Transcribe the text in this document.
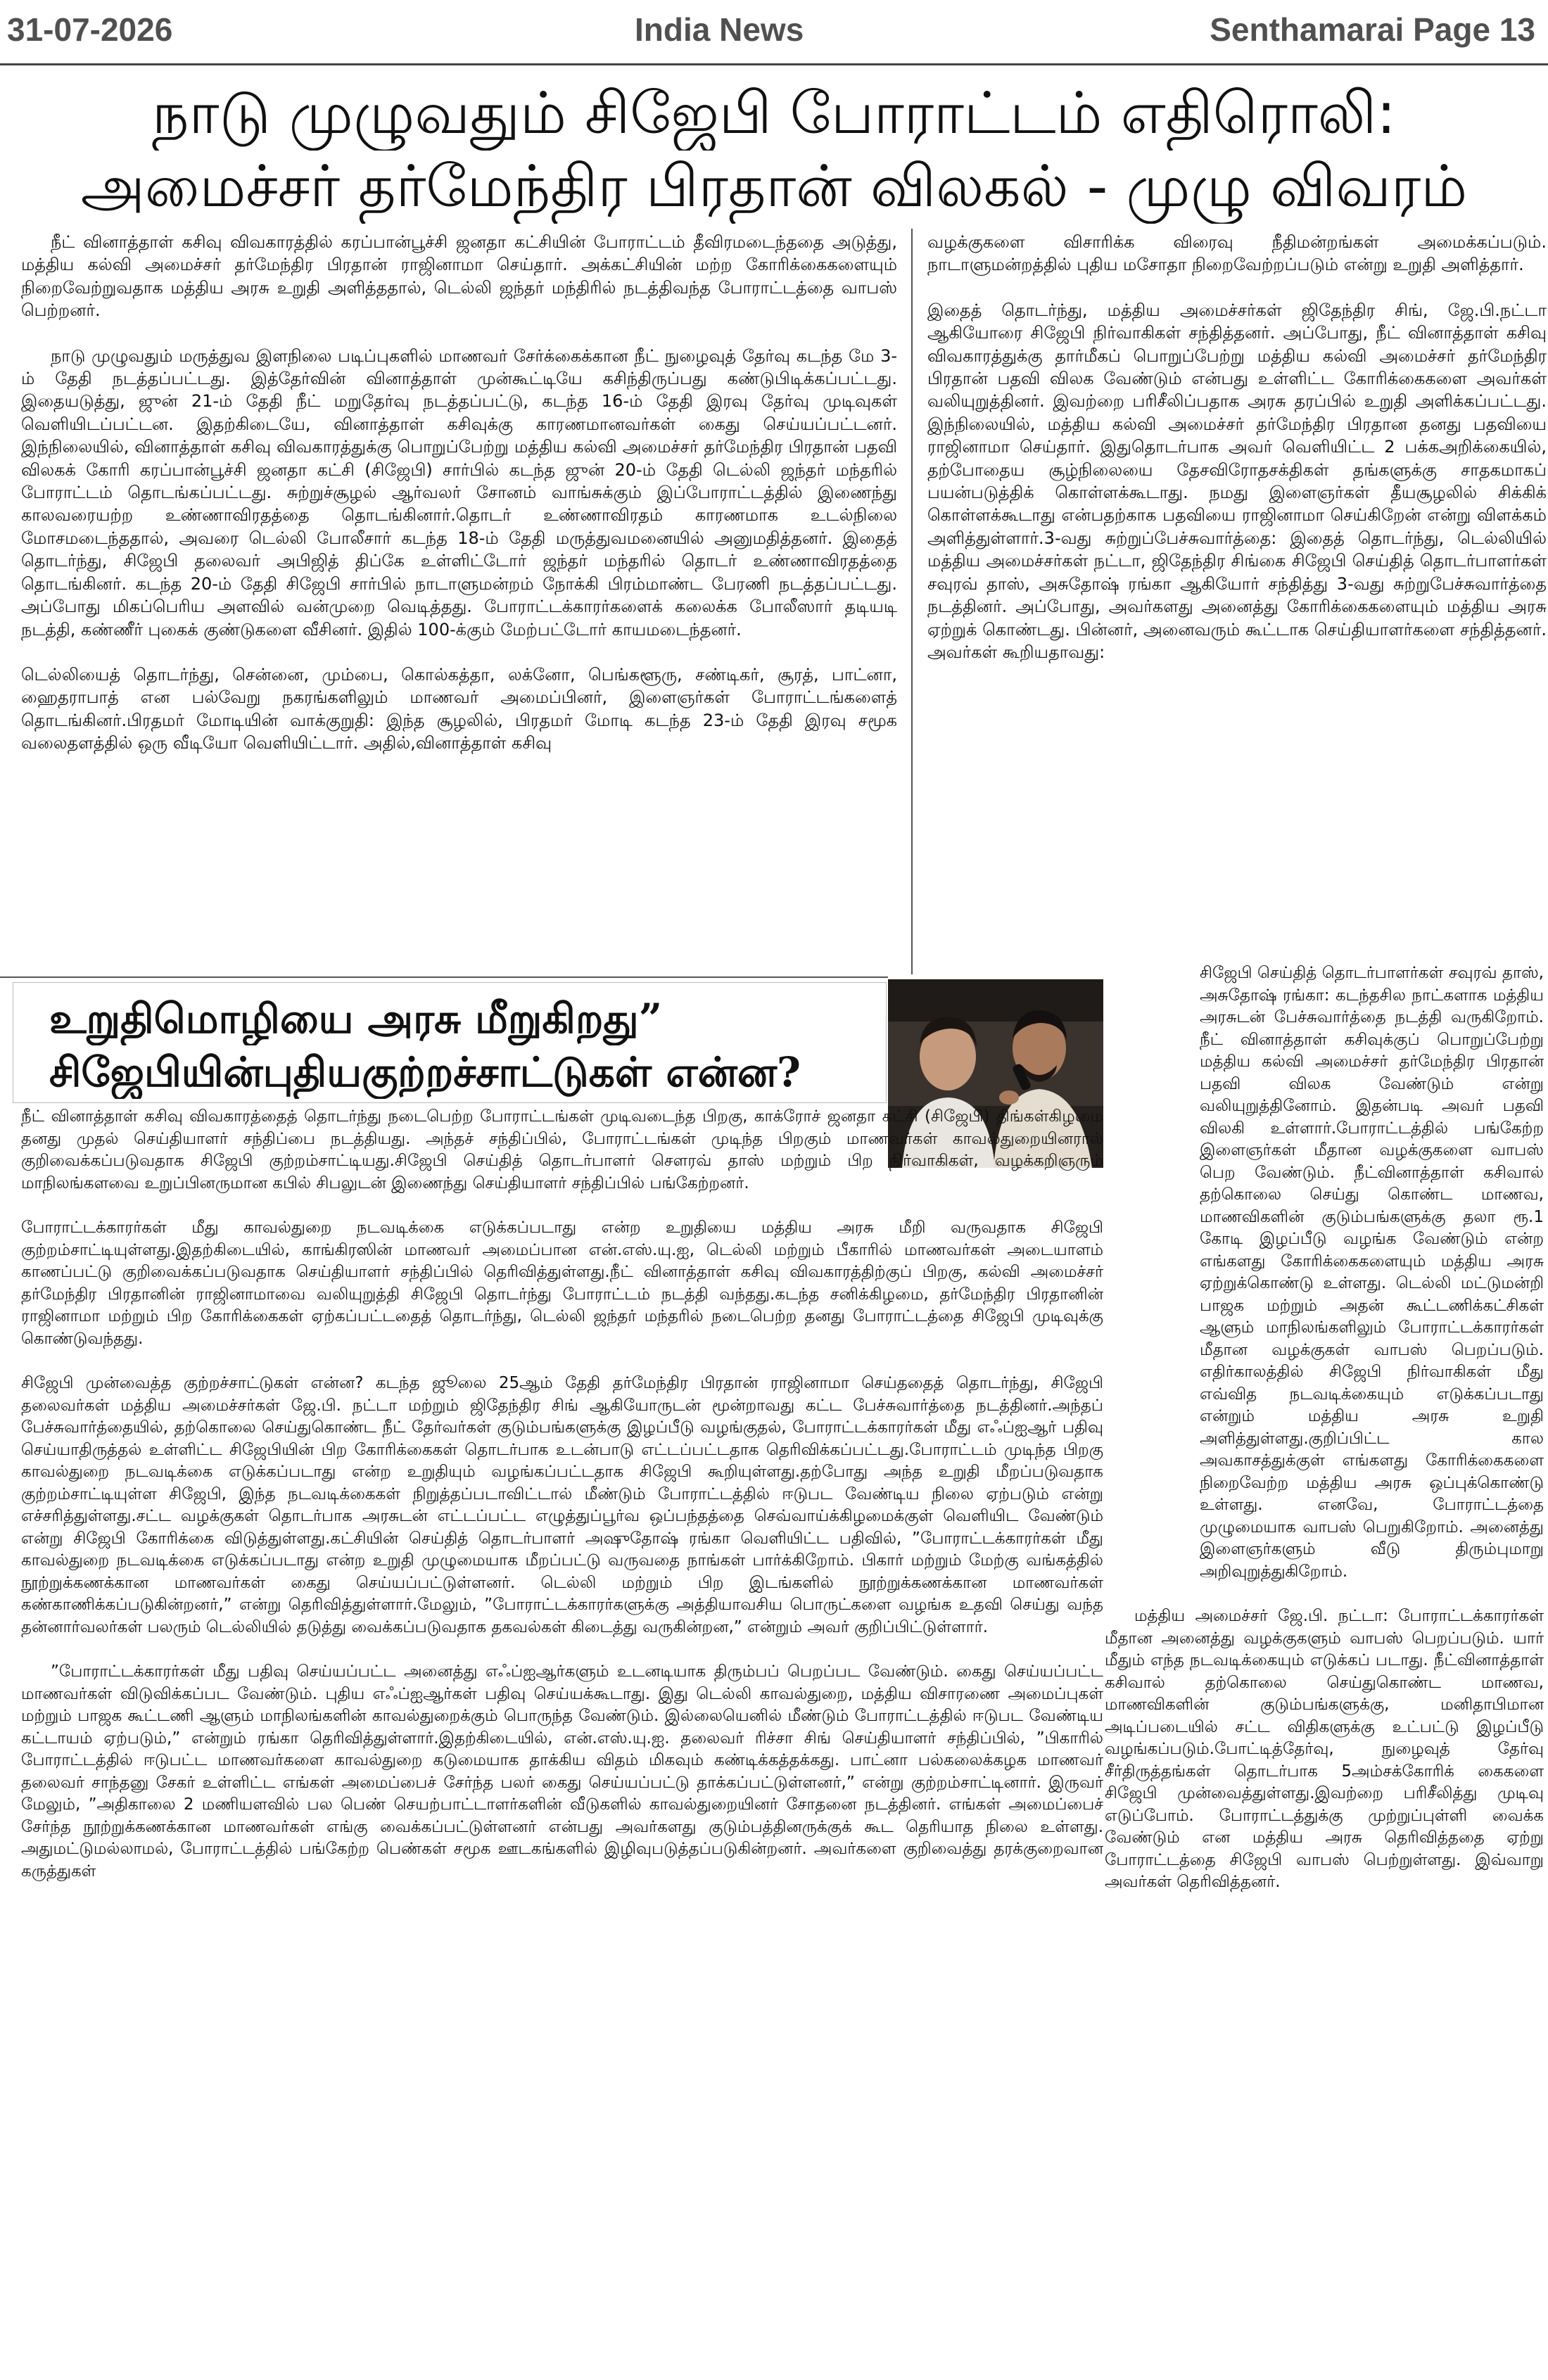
31-07-2026	India News	Senthamarai Page 13
நாடு முழுவதும் சிஜேபி போராட்டம் எதிரொலி:
அமைச்சர் தர்மேந்திர பிரதான் விலகல் - முழு விவரம்

நீட் வினாத்தாள் கசிவு விவகாரத்தில் கரப்பான்பூச்சி ஜனதா கட்சியின் போராட்டம் தீவிரமடைந்ததை அடுத்து, மத்திய கல்வி அமைச்சர் தர்மேந்திர பிரதான் ராஜினாமா செய்தார். அக்கட்சியின் மற்ற கோரிக்கைகளையும் நிறைவேற்றுவதாக மத்திய அரசு உறுதி அளித்ததால், டெல்லி ஜந்தர் மந்திரில் நடத்திவந்த போராட்டத்தை வாபஸ் பெற்றனர்.

நாடு முழுவதும் மருத்துவ இளநிலை படிப்புகளில் மாணவர் சேர்க்கைக்கான நீட் நுழைவுத் தேர்வு கடந்த மே 3-ம் தேதி நடத்தப்பட்டது. இத்தேர்வின் வினாத்தாள் முன்கூட்டியே கசிந்திருப்பது கண்டுபிடிக்கப்பட்டது. இதையடுத்து, ஜுன் 21-ம் தேதி நீட் மறுதேர்வு நடத்தப்பட்டு, கடந்த 16-ம் தேதி இரவு தேர்வு முடிவுகள் வெளியிடப்பட்டன. இதற்கிடையே, வினாத்தாள் கசிவுக்கு காரணமானவர்கள் கைது செய்யப்பட்டனர். இந்நிலையில், வினாத்தாள் கசிவு விவகாரத்துக்கு பொறுப்பேற்று மத்திய கல்வி அமைச்சர் தர்மேந்திர பிரதான் பதவி விலகக் கோரி கரப்பான்பூச்சி ஜனதா கட்சி (சிஜேபி) சார்பில் கடந்த ஜுன் 20-ம் தேதி டெல்லி ஜந்தர் மந்தரில் போராட்டம் தொடங்கப்பட்டது. சுற்றுச்சூழல் ஆர்வலர் சோனம் வாங்சுக்கும் இப்போராட்டத்தில் இணைந்து காலவரையற்ற உண்ணாவிரதத்தை தொடங்கினார்.தொடர் உண்ணாவிரதம் காரணமாக உடல்நிலை மோசமடைந்ததால், அவரை டெல்லி போலீசார் கடந்த 18-ம் தேதி மருத்துவமனையில் அனுமதித்தனர். இதைத் தொடர்ந்து, சிஜேபி தலைவர் அபிஜித் திப்கே உள்ளிட்டோர் ஜந்தர் மந்தரில் தொடர் உண்ணாவிரதத்தை தொடங்கினர். கடந்த 20-ம் தேதி சிஜேபி சார்பில் நாடாளுமன்றம் நோக்கி பிரம்மாண்ட பேரணி நடத்தப்பட்டது. அப்போது மிகப்பெரிய அளவில் வன்முறை வெடித்தது. போராட்டக்காரர்களைக் கலைக்க போலீஸார் தடியடி நடத்தி, கண்ணீர் புகைக் குண்டுகளை வீசினர். இதில் 100-க்கும் மேற்பட்டோர் காயமடைந்தனர்.

டெல்லியைத் தொடர்ந்து, சென்னை, மும்பை, கொல்கத்தா, லக்னோ, பெங்களூரு, சண்டிகர், சூரத், பாட்னா, ஹைதராபாத் என பல்வேறு நகரங்களிலும் மாணவர் அமைப்பினர், இளைஞர்கள் போராட்டங்களைத் தொடங்கினர்.பிரதமர் மோடியின் வாக்குறுதி: இந்த சூழலில், பிரதமர் மோடி கடந்த 23-ம் தேதி இரவு சமூக வலைதளத்தில் ஒரு வீடியோ வெளியிட்டார். அதில்,வினாத்தாள் கசிவு

வழக்குகளை விசாரிக்க விரைவு நீதிமன்றங்கள் அமைக்கப்படும். நாடாளுமன்றத்தில் புதிய மசோதா நிறைவேற்றப்படும் என்று உறுதி அளித்தார்.

இதைத் தொடர்ந்து, மத்திய அமைச்சர்கள் ஜிதேந்திர சிங், ஜே.பி.நட்டா ஆகியோரை சிஜேபி நிர்வாகிகள் சந்தித்தனர். அப்போது, நீட் வினாத்தாள் கசிவு விவகாரத்துக்கு தார்மீகப் பொறுப்பேற்று மத்திய கல்வி அமைச்சர் தர்மேந்திர பிரதான் பதவி விலக வேண்டும் என்பது உள்ளிட்ட கோரிக்கைகளை அவர்கள் வலியுறுத்தினர். இவற்றை பரிசீலிப்பதாக அரசு தரப்பில் உறுதி அளிக்கப்பட்டது. இந்நிலையில், மத்திய கல்வி அமைச்சர் தர்மேந்திர பிரதான தனது பதவியை ராஜினாமா செய்தார். இதுதொடர்பாக அவர் வெளியிட்ட 2 பக்கஅறிக்கையில், தற்போதைய சூழ்நிலையை தேசவிரோதசக்திகள் தங்களுக்கு சாதகமாகப் பயன்படுத்திக் கொள்ளக்கூடாது. நமது இளைஞர்கள் தீயசூழலில் சிக்கிக் கொள்ளக்கூடாது என்பதற்காக பதவியை ராஜினாமா செய்கிறேன் என்று விளக்கம் அளித்துள்ளார்.3-வது சுற்றுப்பேச்சுவார்த்தை: இதைத் தொடர்ந்து, டெல்லியில் மத்திய அமைச்சர்கள் நட்டா, ஜிதேந்திர சிங்கை சிஜேபி செய்தித் தொடர்பாளர்கள் சவுரவ் தாஸ், அசுதோஷ் ரங்கா ஆகியோர் சந்தித்து 3-வது சுற்றுபேச்சுவார்த்தை நடத்தினர். அப்போது, அவர்களது அனைத்து கோரிக்கைகளையும் மத்திய அரசு ஏற்றுக் கொண்டது. பின்னர், அனைவரும் கூட்டாக செய்தியாளர்களை சந்தித்தனர். அவர்கள் கூறியதாவது:

உறுதிமொழியை அரசு மீறுகிறது”
சிஜேபியின்புதியகுற்றச்சாட்டுகள் என்ன?

சிஜேபி செய்தித் தொடர்பாளர்கள் சவுரவ் தாஸ், அசுதோஷ் ரங்கா: கடந்தசில நாட்களாக மத்திய அரசுடன் பேச்சுவார்த்தை நடத்தி வருகிறோம். நீட் வினாத்தாள் கசிவுக்குப் பொறுப்பேற்று மத்திய கல்வி அமைச்சர் தர்மேந்திர பிரதான் பதவி விலக வேண்டும் என்று வலியுறுத்தினோம். இதன்படி அவர் பதவி விலகி உள்ளார்.போராட்டத்தில் பங்கேற்ற இளைஞர்கள் மீதான வழக்குகளை வாபஸ் பெற வேண்டும். நீட்வினாத்தாள் கசிவால் தற்கொலை செய்து கொண்ட மாணவ, மாணவிகளின் குடும்பங்களுக்கு தலா ரூ.1 கோடி இழப்பீடு வழங்க வேண்டும் என்ற எங்களது கோரிக்கைகளையும் மத்திய அரசு ஏற்றுக்கொண்டு உள்ளது. டெல்லி மட்டுமன்றி பாஜக மற்றும் அதன் கூட்டணிக்கட்சிகள் ஆளும் மாநிலங்களிலும் போராட்டக்காரர்கள் மீதான வழக்குகள் வாபஸ் பெறப்படும். எதிர்காலத்தில் சிஜேபி நிர்வாகிகள் மீது எவ்வித நடவடிக்கையும் எடுக்கப்படாது என்றும் மத்திய அரசு உறுதி அளித்துள்ளது.குறிப்பிட்ட கால அவகாசத்துக்குள் எங்களது கோரிக்கைகளை நிறைவேற்ற மத்திய அரசு ஒப்புக்கொண்டு உள்ளது. எனவே, போராட்டத்தை முழுமையாக வாபஸ் பெறுகிறோம். அனைத்து இளைஞர்களும் வீடு திரும்புமாறு அறிவுறுத்துகிறோம்.

மத்திய அமைச்சர் ஜே.பி. நட்டா: போராட்டக்காரர்கள் மீதான அனைத்து வழக்குகளும் வாபஸ் பெறப்படும். யார் மீதும் எந்த நடவடிக்கையும் எடுக்கப் படாது. நீட்வினாத்தாள் கசிவால் தற்கொலை செய்துகொண்ட மாணவ, மாணவிகளின் குடும்பங்களுக்கு, மனிதாபிமான அடிப்படையில் சட்ட விதிகளுக்கு உட்பட்டு இழப்பீடு வழங்கப்படும்.போட்டித்தேர்வு, நுழைவுத் தேர்வு சீர்திருத்தங்கள் தொடர்பாக 5அம்சக்கோரிக் கைகளை சிஜேபி முன்வைத்துள்ளது.இவற்றை பரிசீலித்து முடிவு எடுப்போம். போராட்டத்துக்கு முற்றுப்புள்ளி வைக்க வேண்டும் என மத்திய அரசு தெரிவித்ததை ஏற்று போராட்டத்தை சிஜேபி வாபஸ் பெற்றுள்ளது. இவ்வாறு அவர்கள் தெரிவித்தனர்.

நீட் வினாத்தாள் கசிவு விவகாரத்தைத் தொடர்ந்து நடைபெற்ற போராட்டங்கள் முடிவடைந்த பிறகு, காக்ரோச் ஜனதா கட்சி (சிஜேபி) திங்கள்கிழமை தனது முதல் செய்தியாளர் சந்திப்பை நடத்தியது. அந்தச் சந்திப்பில், போராட்டங்கள் முடிந்த பிறகும் மாணவர்கள் காவல்துறையினரால் குறிவைக்கப்படுவதாக சிஜேபி குற்றம்சாட்டியது.சிஜேபி செய்தித் தொடர்பாளர் சௌரவ் தாஸ் மற்றும் பிற நிர்வாகிகள், வழக்கறிஞரும் மாநிலங்களவை உறுப்பினருமான கபில் சிபலுடன் இணைந்து செய்தியாளர் சந்திப்பில் பங்கேற்றனர்.

போராட்டக்காரர்கள் மீது காவல்துறை நடவடிக்கை எடுக்கப்படாது என்ற உறுதியை மத்திய அரசு மீறி வருவதாக சிஜேபி குற்றம்சாட்டியுள்ளது.இதற்கிடையில், காங்கிரஸின் மாணவர் அமைப்பான என்.எஸ்.யு.ஐ, டெல்லி மற்றும் பீகாரில் மாணவர்கள் அடையாளம் காணப்பட்டு குறிவைக்கப்படுவதாக செய்தியாளர் சந்திப்பில் தெரிவித்துள்ளது.நீட் வினாத்தாள் கசிவு விவகாரத்திற்குப் பிறகு, கல்வி அமைச்சர் தர்மேந்திர பிரதானின் ராஜினாமாவை வலியுறுத்தி சிஜேபி தொடர்ந்து போராட்டம் நடத்தி வந்தது.கடந்த சனிக்கிழமை, தர்மேந்திர பிரதானின் ராஜினாமா மற்றும் பிற கோரிக்கைகள் ஏற்கப்பட்டதைத் தொடர்ந்து, டெல்லி ஜந்தர் மந்தரில் நடைபெற்ற தனது போராட்டத்தை சிஜேபி முடிவுக்கு கொண்டுவந்தது.

சிஜேபி முன்வைத்த குற்றச்சாட்டுகள் என்ன? கடந்த ஜூலை 25ஆம் தேதி தர்மேந்திர பிரதான் ராஜினாமா செய்ததைத் தொடர்ந்து, சிஜேபி தலைவர்கள் மத்திய அமைச்சர்கள் ஜே.பி. நட்டா மற்றும் ஜிதேந்திர சிங் ஆகியோருடன் மூன்றாவது கட்ட பேச்சுவார்த்தை நடத்தினர்.அந்தப் பேச்சுவார்த்தையில், தற்கொலை செய்துகொண்ட நீட் தேர்வர்கள் குடும்பங்களுக்கு இழப்பீடு வழங்குதல், போராட்டக்காரர்கள் மீது எஃப்ஐஆர் பதிவு செய்யாதிருத்தல் உள்ளிட்ட சிஜேபியின் பிற கோரிக்கைகள் தொடர்பாக உடன்பாடு எட்டப்பட்டதாக தெரிவிக்கப்பட்டது.போராட்டம் முடிந்த பிறகு காவல்துறை நடவடிக்கை எடுக்கப்படாது என்ற உறுதியும் வழங்கப்பட்டதாக சிஜேபி கூறியுள்ளது.தற்போது அந்த உறுதி மீறப்படுவதாக குற்றம்சாட்டியுள்ள சிஜேபி, இந்த நடவடிக்கைகள் நிறுத்தப்படாவிட்டால் மீண்டும் போராட்டத்தில் ஈடுபட வேண்டிய நிலை ஏற்படும் என்று எச்சரித்துள்ளது.சட்ட வழக்குகள் தொடர்பாக அரசுடன் எட்டப்பட்ட எழுத்துப்பூர்வ ஒப்பந்தத்தை செவ்வாய்க்கிழமைக்குள் வெளியிட வேண்டும் என்று சிஜேபி கோரிக்கை விடுத்துள்ளது.கட்சியின் செய்தித் தொடர்பாளர் அஷுதோஷ் ரங்கா வெளியிட்ட பதிவில், ”போராட்டக்காரர்கள் மீது காவல்துறை நடவடிக்கை எடுக்கப்படாது என்ற உறுதி முழுமையாக மீறப்பட்டு வருவதை நாங்கள் பார்க்கிறோம். பிகார் மற்றும் மேற்கு வங்கத்தில் நூற்றுக்கணக்கான மாணவர்கள் கைது செய்யப்பட்டுள்ளனர். டெல்லி மற்றும் பிற இடங்களில் நூற்றுக்கணக்கான மாணவர்கள் கண்காணிக்கப்படுகின்றனர்,” என்று தெரிவித்துள்ளார்.மேலும், ”போராட்டக்காரர்களுக்கு அத்தியாவசிய பொருட்களை வழங்க உதவி செய்து வந்த தன்னார்வலர்கள் பலரும் டெல்லியில் தடுத்து வைக்கப்படுவதாக தகவல்கள் கிடைத்து வருகின்றன,” என்றும் அவர் குறிப்பிட்டுள்ளார்.

”போராட்டக்காரர்கள் மீது பதிவு செய்யப்பட்ட அனைத்து எஃப்ஐஆர்களும் உடனடியாக திரும்பப் பெறப்பட வேண்டும். கைது செய்யப்பட்ட மாணவர்கள் விடுவிக்கப்பட வேண்டும். புதிய எஃப்ஐஆர்கள் பதிவு செய்யக்கூடாது. இது டெல்லி காவல்துறை, மத்திய விசாரணை அமைப்புகள் மற்றும் பாஜக கூட்டணி ஆளும் மாநிலங்களின் காவல்துறைக்கும் பொருந்த வேண்டும். இல்லையெனில் மீண்டும் போராட்டத்தில் ஈடுபட வேண்டிய கட்டாயம் ஏற்படும்,” என்றும் ரங்கா தெரிவித்துள்ளார்.இதற்கிடையில், என்.எஸ்.யு.ஐ. தலைவர் ரிச்சா சிங் செய்தியாளர் சந்திப்பில், ”பிகாரில் போராட்டத்தில் ஈடுபட்ட மாணவர்களை காவல்துறை கடுமையாக தாக்கிய விதம் மிகவும் கண்டிக்கத்தக்கது. பாட்னா பல்கலைக்கழக மாணவர் தலைவர் சாந்தனு சேகர் உள்ளிட்ட எங்கள் அமைப்பைச் சேர்ந்த பலர் கைது செய்யப்பட்டு தாக்கப்பட்டுள்ளனர்,” என்று குற்றம்சாட்டினார். இருவர் மேலும், ”அதிகாலை 2 மணியளவில் பல பெண் செயற்பாட்டாளர்களின் வீடுகளில் காவல்துறையினர் சோதனை நடத்தினர். எங்கள் அமைப்பைச் சேர்ந்த நூற்றுக்கணக்கான மாணவர்கள் எங்கு வைக்கப்பட்டுள்ளனர் என்பது அவர்களது குடும்பத்தினருக்குக் கூட தெரியாத நிலை உள்ளது. அதுமட்டுமல்லாமல், போராட்டத்தில் பங்கேற்ற பெண்கள் சமூக ஊடகங்களில் இழிவுபடுத்தப்படுகின்றனர். அவர்களை குறிவைத்து தரக்குறைவான கருத்துகள்
